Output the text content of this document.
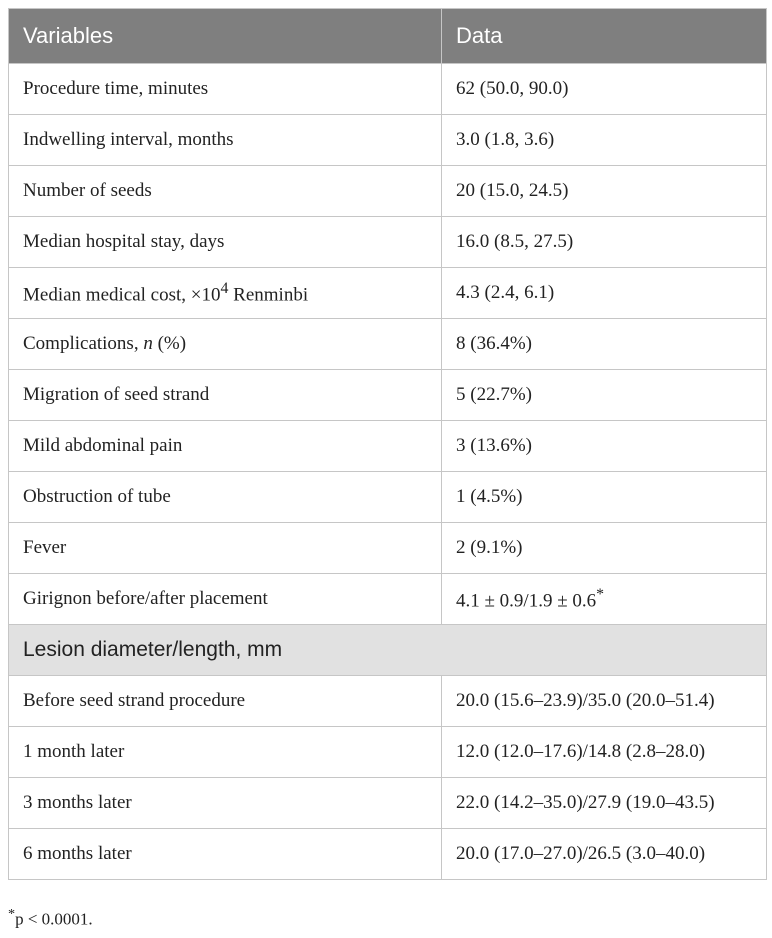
Variables	Data
Procedure time, minutes	62 (50.0, 90.0)
Indwelling interval, months	3.0 (1.8, 3.6)
Number of seeds	20 (15.0, 24.5)
Median hospital stay, days	16.0 (8.5, 27.5)
Median medical cost, $\times 10^4$ Renminbi	4.3 (2.4, 6.1)
Complications, n (%)	8 (36.4%)
Migration of seed strand	5 (22.7%)
Mild abdominal pain	3 (13.6%)
Obstruction of tube	1 (4.5%)
Fever	2 (9.1%)
Girignon before/after placement	4.1 ± 0.9/1.9 ± 0.6*
Lesion diameter/length, mm	
Before seed strand procedure	20.0 (15.6–23.9)/35.0 (20.0–51.4)
1 month later	12.0 (12.0–17.6)/14.8 (2.8–28.0)
3 months later	22.0 (14.2–35.0)/27.9 (19.0–43.5)
6 months later	20.0 (17.0–27.0)/26.5 (3.0–40.0)
*p < 0.0001.
